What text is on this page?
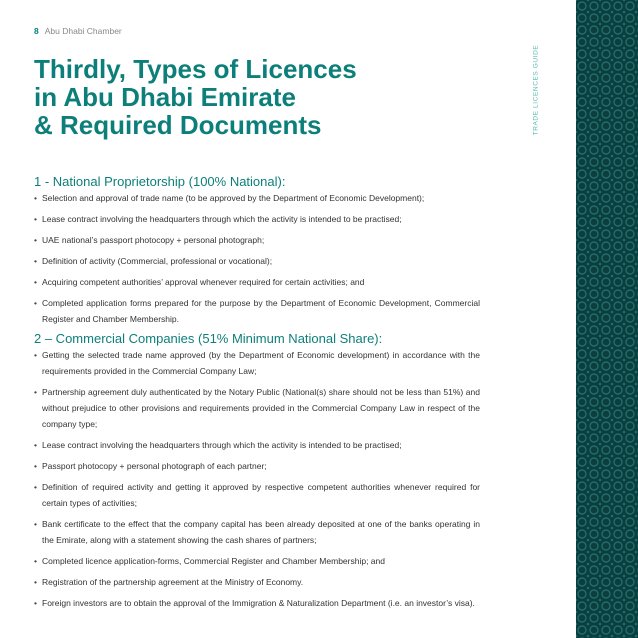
8 Abu Dhabi Chamber
Thirdly, Types of Licences
in Abu Dhabi Emirate
& Required Documents	TRADE LICENCES GUIDE
1 - National Proprietorship (100% National):
• Selection and approval of trade name (to be approved by the Department of Economic Development);
• Lease contract involving the headquarters through which the activity is intended to be practised;
• UAE national’s passport photocopy + personal photograph;
• Definition of activity (Commercial, professional or vocational);
• Acquiring competent authorities’ approval whenever required for certain activities; and
• Completed application forms prepared for the purpose by the Department of Economic Development, Commercial Register and Chamber Membership.
2 – Commercial Companies (51% Minimum National Share):
• Getting the selected trade name approved (by the Department of Economic development) in accordance with the requirements provided in the Commercial Company Law;
• Partnership agreement duly authenticated by the Notary Public (National(s) share should not be less than 51%) and without prejudice to other provisions and requirements provided in the Commercial Company Law in respect of the company type;
• Lease contract involving the headquarters through which the activity is intended to be practised;
• Passport photocopy + personal photograph of each partner;
• Definition of required activity and getting it approved by respective competent authorities whenever required for certain types of activities;
• Bank certificate to the effect that the company capital has been already deposited at one of the banks operating in the Emirate, along with a statement showing the cash shares of partners;
• Completed licence application-forms, Commercial Register and Chamber Membership; and
• Registration of the partnership agreement at the Ministry of Economy.
• Foreign investors are to obtain the approval of the Immigration & Naturalization Department (i.e. an investor’s visa).
